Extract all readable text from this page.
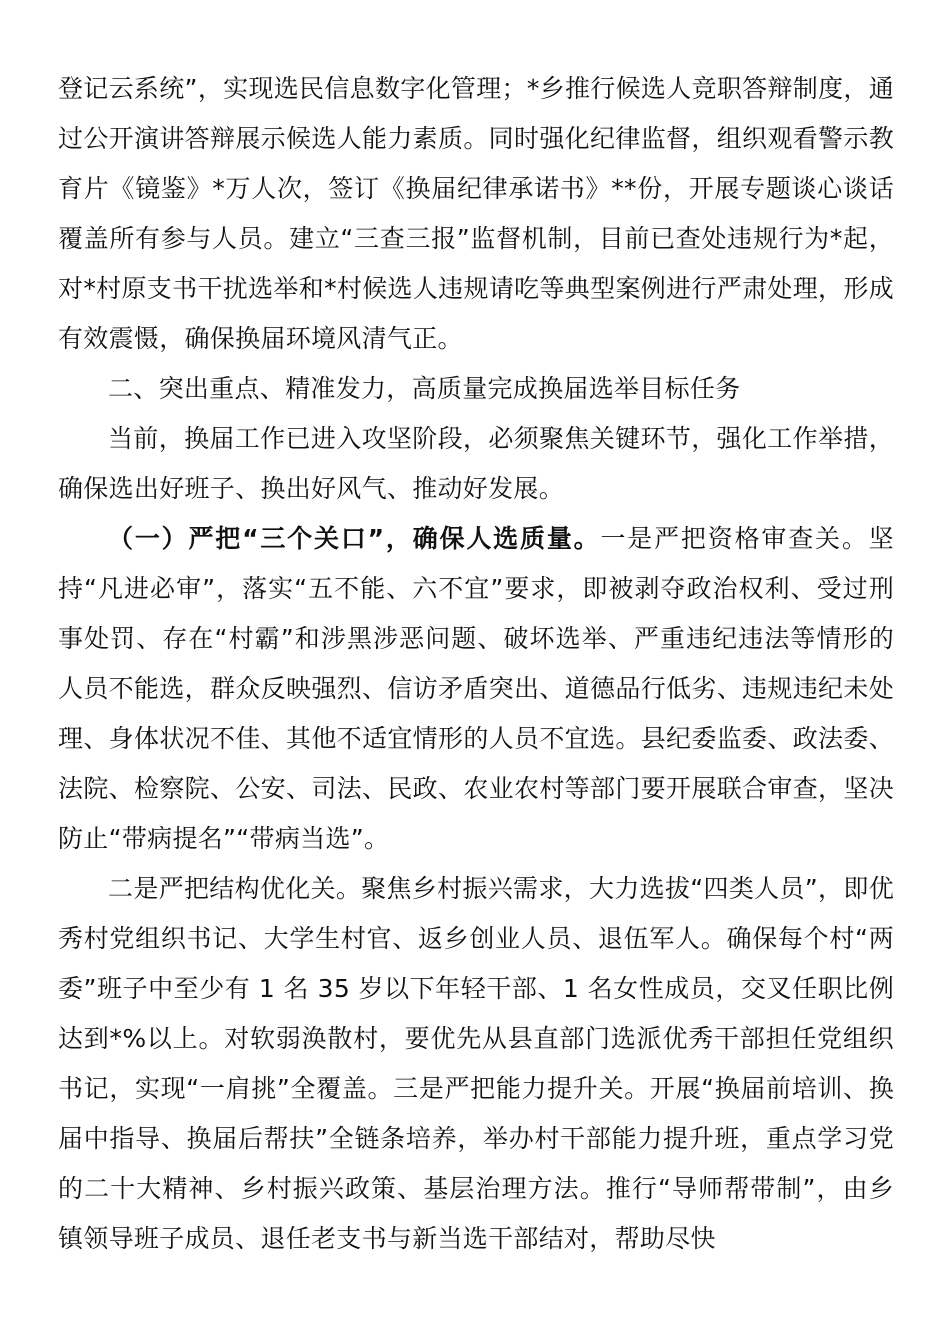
登记云系统”，实现选民信息数字化管理；*乡推行候选人竞职答辩制度，通过公开演讲答辩展示候选人能力素质。同时强化纪律监督，组织观看警示教育片《镜鉴》*万人次，签订《换届纪律承诺书》**份，开展专题谈心谈话覆盖所有参与人员。建立“三查三报”监督机制，目前已查处违规行为*起，对*村原支书干扰选举和*村候选人违规请吃等典型案例进行严肃处理，形成有效震慑，确保换届环境风清气正。

二、突出重点、精准发力，高质量完成换届选举目标任务

当前，换届工作已进入攻坚阶段，必须聚焦关键环节，强化工作举措，确保选出好班子、换出好风气、推动好发展。

（一）严把“三个关口”，确保人选质量。一是严把资格审查关。坚持“凡进必审”，落实“五不能、六不宜”要求，即被剥夺政治权利、受过刑事处罚、存在“村霸”和涉黑涉恶问题、破坏选举、严重违纪违法等情形的人员不能选，群众反映强烈、信访矛盾突出、道德品行低劣、违规违纪未处理、身体状况不佳、其他不适宜情形的人员不宜选。县纪委监委、政法委、法院、检察院、公安、司法、民政、农业农村等部门要开展联合审查，坚决防止“带病提名”“带病当选”。

二是严把结构优化关。聚焦乡村振兴需求，大力选拔“四类人员”，即优秀村党组织书记、大学生村官、返乡创业人员、退伍军人。确保每个村“两委”班子中至少有 1 名 35 岁以下年轻干部、1 名女性成员，交叉任职比例达到*%以上。对软弱涣散村，要优先从县直部门选派优秀干部担任党组织书记，实现“一肩挑”全覆盖。三是严把能力提升关。开展“换届前培训、换届中指导、换届后帮扶”全链条培养，举办村干部能力提升班，重点学习党的二十大精神、乡村振兴政策、基层治理方法。推行“导师帮带制”，由乡镇领导班子成员、退任老支书与新当选干部结对，帮助尽快
